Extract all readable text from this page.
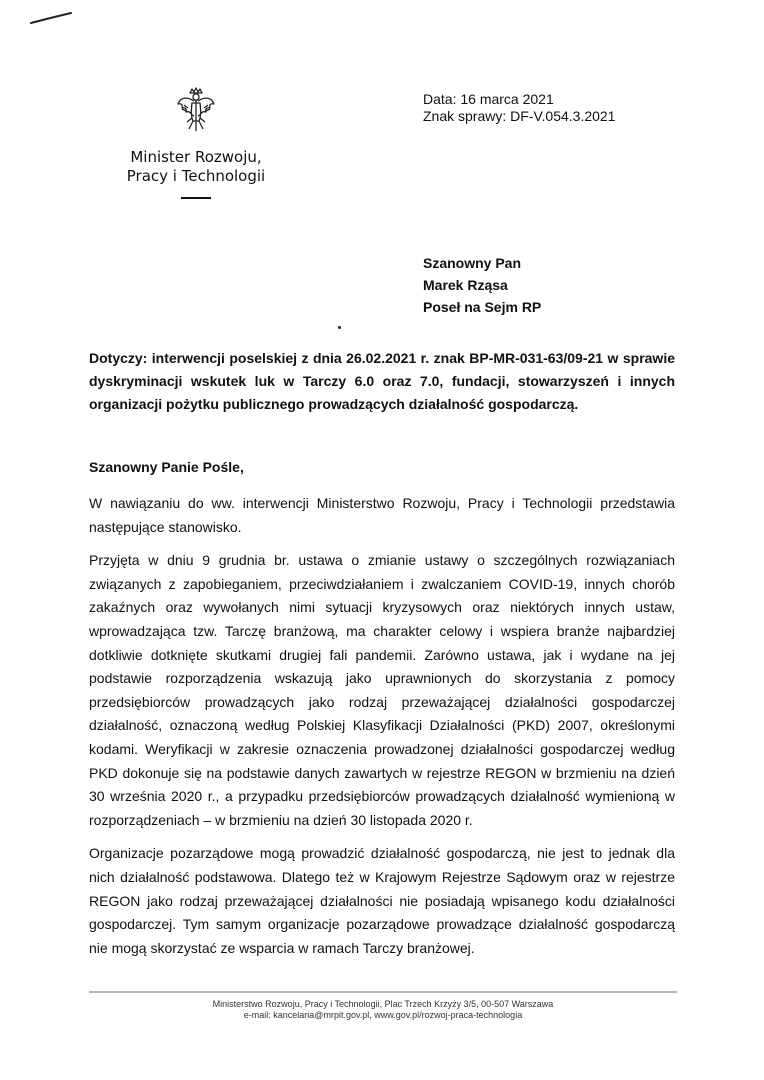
Minister Rozwoju,
Pracy i Technologii
Data: 16 marca 2021
Znak sprawy: DF-V.054.3.2021
Szanowny Pan
Marek Rząsa
Poseł na Sejm RP
Dotyczy: interwencji poselskiej z dnia 26.02.2021 r. znak BP-MR-031-63/09-21 w sprawie dyskryminacji wskutek luk w Tarczy 6.0 oraz 7.0, fundacji, stowarzyszeń i innych organizacji pożytku publicznego prowadzących działalność gospodarczą.
Szanowny Panie Pośle,

W nawiązaniu do ww. interwencji Ministerstwo Rozwoju, Pracy i Technologii przedstawia następujące stanowisko.

Przyjęta w dniu 9 grudnia br. ustawa o zmianie ustawy o szczególnych rozwiązaniach związanych z zapobieganiem, przeciwdziałaniem i zwalczaniem COVID-19, innych chorób zakaźnych oraz wywołanych nimi sytuacji kryzysowych oraz niektórych innych ustaw, wprowadzająca tzw. Tarczę branżową, ma charakter celowy i wspiera branże najbardziej dotkliwie dotknięte skutkami drugiej fali pandemii. Zarówno ustawa, jak i wydane na jej podstawie rozporządzenia wskazują jako uprawnionych do skorzystania z pomocy przedsiębiorców prowadzących jako rodzaj przeważającej działalności gospodarczej działalność, oznaczoną według Polskiej Klasyfikacji Działalności (PKD) 2007, określonymi kodami. Weryfikacji w zakresie oznaczenia prowadzonej działalności gospodarczej według PKD dokonuje się na podstawie danych zawartych w rejestrze REGON w brzmieniu na dzień 30 września 2020 r., a przypadku przedsiębiorców prowadzących działalność wymienioną w rozporządzeniach – w brzmieniu na dzień 30 listopada 2020 r.

Organizacje pozarządowe mogą prowadzić działalność gospodarczą, nie jest to jednak dla nich działalność podstawowa. Dlatego też w Krajowym Rejestrze Sądowym oraz w rejestrze REGON jako rodzaj przeważającej działalności nie posiadają wpisanego kodu działalności gospodarczej. Tym samym organizacje pozarządowe prowadzące działalność gospodarczą nie mogą skorzystać ze wsparcia w ramach Tarczy branżowej.

Ministerstwo Rozwoju, Pracy i Technologii, Plac Trzech Krzyży 3/5, 00-507 Warszawa
e-mail: kancelaria@mrpit.gov.pl, www.gov.pl/rozwoj-praca-technologia
